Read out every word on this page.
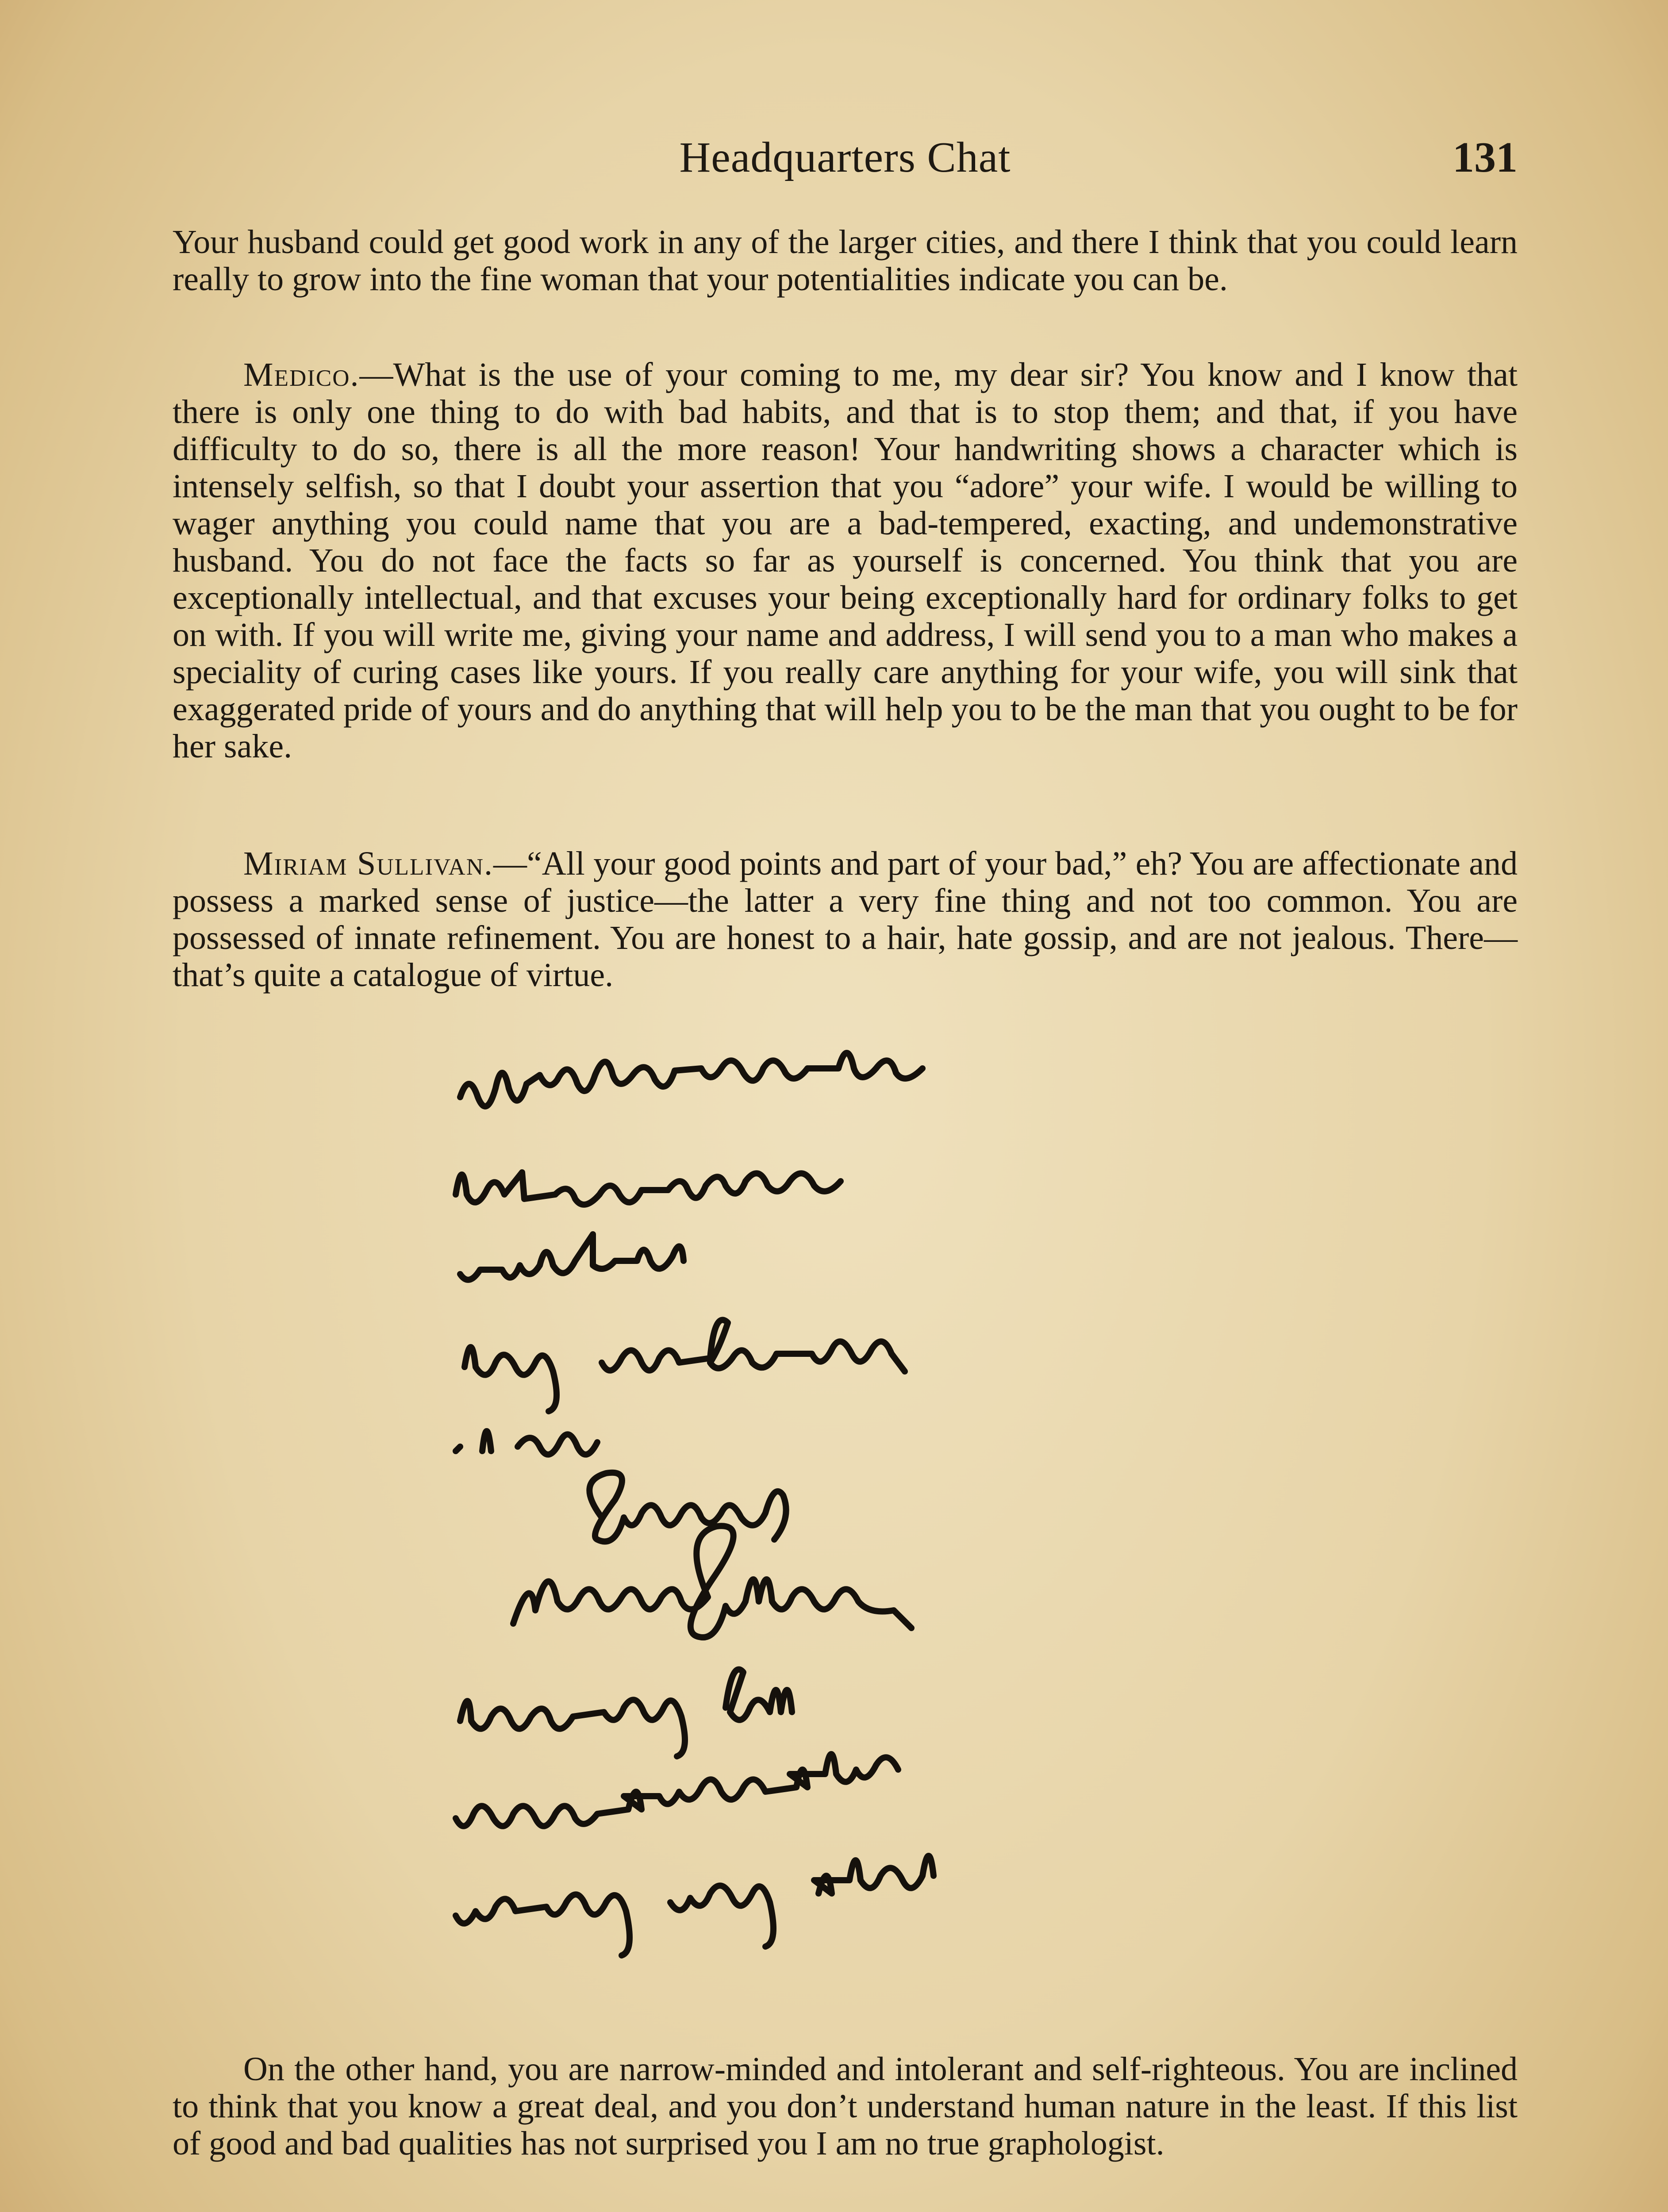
Headquarters Chat	131

Your husband could get good work in any of the larger cities, and there I think that you could learn really to grow into the fine woman that your potentialities indicate you can be.

Medico.—What is the use of your coming to me, my dear sir? You know and I know that there is only one thing to do with bad habits, and that is to stop them; and that, if you have difficulty to do so, there is all the more reason! Your handwriting shows a character which is intensely selfish, so that I doubt your assertion that you “adore” your wife. I would be willing to wager anything you could name that you are a bad-tempered, exacting, and undemonstrative husband. You do not face the facts so far as yourself is concerned. You think that you are exceptionally intellectual, and that excuses your being exceptionally hard for ordinary folks to get on with. If you will write me, giving your name and address, I will send you to a man who makes a speciality of curing cases like yours. If you really care anything for your wife, you will sink that exaggerated pride of yours and do anything that will help you to be the man that you ought to be for her sake.

Miriam Sullivan.—“All your good points and part of your bad,” eh? You are affectionate and possess a marked sense of justice—the latter a very fine thing and not too common. You are possessed of innate refinement. You are honest to a hair, hate gossip, and are not jealous. There—that’s quite a catalogue of virtue.

On the other hand, you are narrow-minded and intolerant and self-righteous. You are inclined to think that you know a great deal, and you don’t understand human nature in the least. If this list of good and bad qualities has not surprised you I am no true graphologist.
